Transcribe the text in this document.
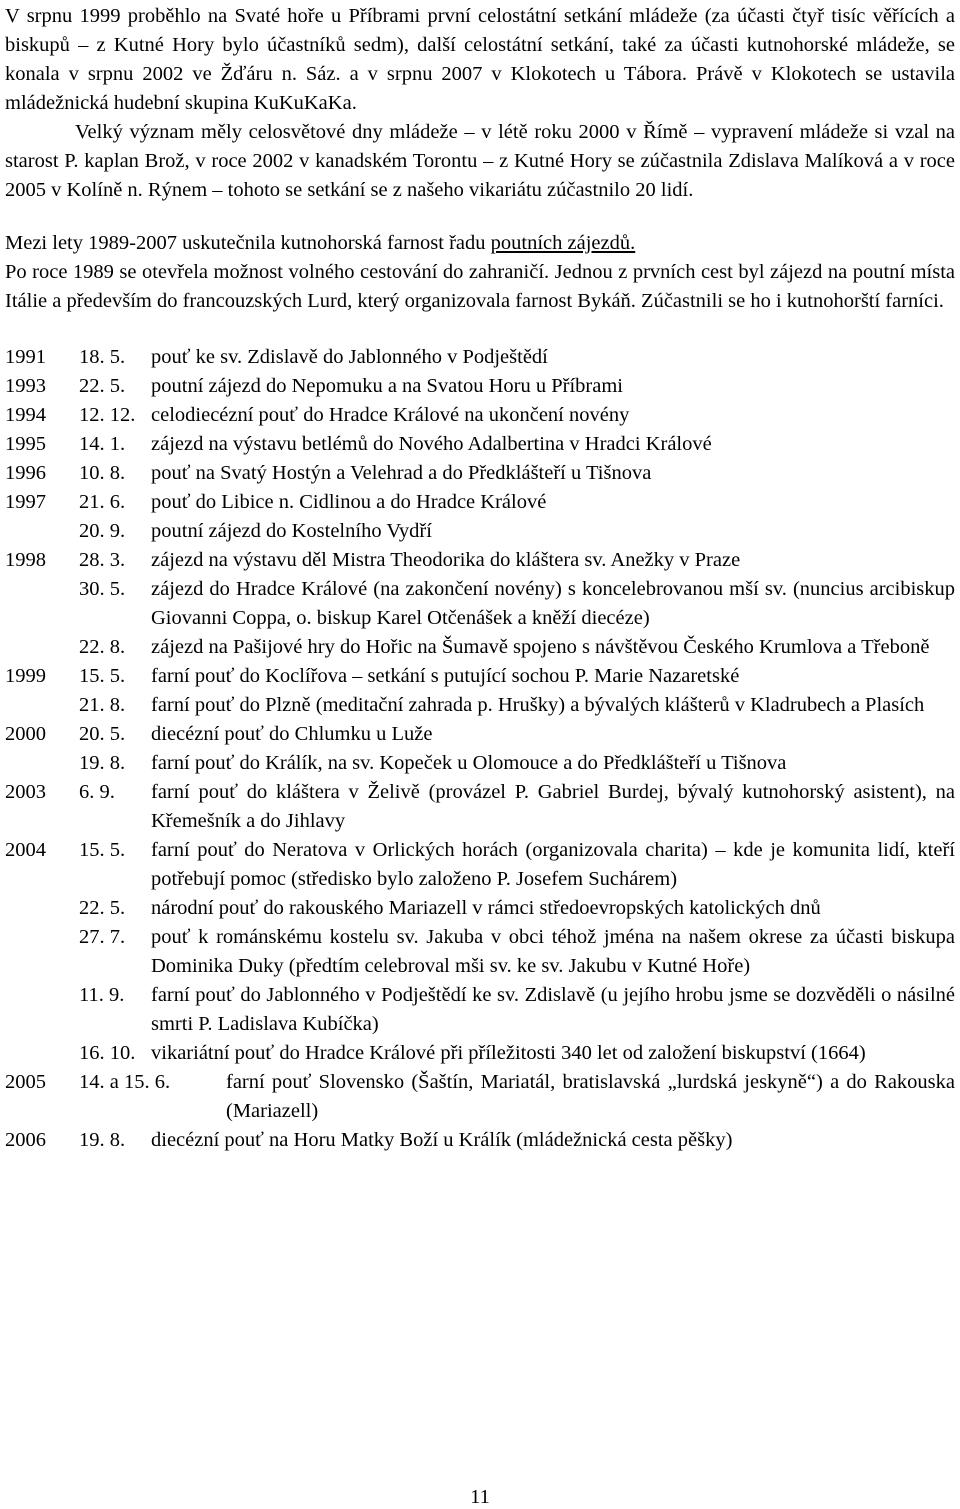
V srpnu 1999 proběhlo na Svaté hoře u Příbrami první celostátní setkání mládeže (za účasti čtyř tisíc věřících a biskupů – z Kutné Hory bylo účastníků sedm), další celostátní setkání, také za účasti kutnohorské mládeže, se konala v srpnu 2002 ve Žďáru n. Sáz. a v srpnu 2007 v Klokotech u Tábora. Právě v Klokotech se ustavila mládežnická hudební skupina KuKuKaKa.

Velký význam měly celosvětové dny mládeže – v létě roku 2000 v Římě – vypravení mládeže si vzal na starost P. kaplan Brož, v roce 2002 v kanadském Torontu – z Kutné Hory se zúčastnila Zdislava Malíková a v roce 2005 v Kolíně n. Rýnem – tohoto se setkání se z našeho vikariátu zúčastnilo 20 lidí.

Mezi lety 1989-2007 uskutečnila kutnohorská farnost řadu poutních zájezdů.

Po roce 1989 se otevřela možnost volného cestování do zahraničí. Jednou z prvních cest byl zájezd na poutní místa Itálie a především do francouzských Lurd, který organizovala farnost Bykáň. Zúčastnili se ho i kutnohorští farníci.

1991	18. 5.	pouť ke sv. Zdislavě do Jablonného v Podještědí
1993	22. 5.	poutní zájezd do Nepomuku a na Svatou Horu u Příbrami
1994	12. 12. celodiecézní pouť do Hradce Králové na ukončení novény
1995	14. 1.	zájezd na výstavu betlémů do Nového Adalbertina v Hradci Králové
1996	10. 8.	pouť na Svatý Hostýn a Velehrad a do Předklášteří u Tišnova
1997	21. 6.	pouť do Libice n. Cidlinou a do Hradce Králové
20. 9.	poutní zájezd do Kostelního Vydří
1998	28. 3.	zájezd na výstavu děl Mistra Theodorika do kláštera sv. Anežky v Praze
30. 5.	zájezd do Hradce Králové (na zakončení novény) s koncelebrovanou mší sv. (nuncius arcibiskup Giovanni Coppa, o. biskup Karel Otčenášek a kněží diecéze)
22. 8.	zájezd na Pašijové hry do Hořic na Šumavě spojeno s návštěvou Českého Krumlova a Třeboně
1999	15. 5.	farní pouť do Koclířova – setkání s putující sochou P. Marie Nazaretské
21. 8.	farní pouť do Plzně (meditační zahrada p. Hrušky) a bývalých klášterů v Kladrubech a Plasích
2000	20. 5.	diecézní pouť do Chlumku u Luže
19. 8.	farní pouť do Králík, na sv. Kopeček u Olomouce a do Předklášteří u Tišnova
2003	6. 9.	farní pouť do kláštera v Želivě (provázel P. Gabriel Burdej, bývalý kutnohorský asistent), na Křemešník a do Jihlavy
2004	15. 5.	farní pouť do Neratova v Orlických horách (organizovala charita) – kde je komunita lidí, kteří potřebují pomoc (středisko bylo založeno P. Josefem Suchárem)
22. 5.	národní pouť do rakouského Mariazell v rámci středoevropských katolických dnů
27. 7.	pouť k románskému kostelu sv. Jakuba v obci téhož jména na našem okrese za účasti biskupa Dominika Duky (předtím celebroval mši sv. ke sv. Jakubu v Kutné Hoře)
11. 9.	farní pouť do Jablonného v Podještědí ke sv. Zdislavě (u jejího hrobu jsme se dozvěděli o násilné smrti P. Ladislava Kubíčka)
16. 10. vikariátní pouť do Hradce Králové při příležitosti 340 let od založení biskupství (1664)
2005	14. a 15. 6.	farní pouť Slovensko (Šaštín, Mariatál, bratislavská „lurdská jeskyně“) a do Rakouska (Mariazell)
2006	19. 8.	diecézní pouť na Horu Matky Boží u Králík (mládežnická cesta pěšky)
11
